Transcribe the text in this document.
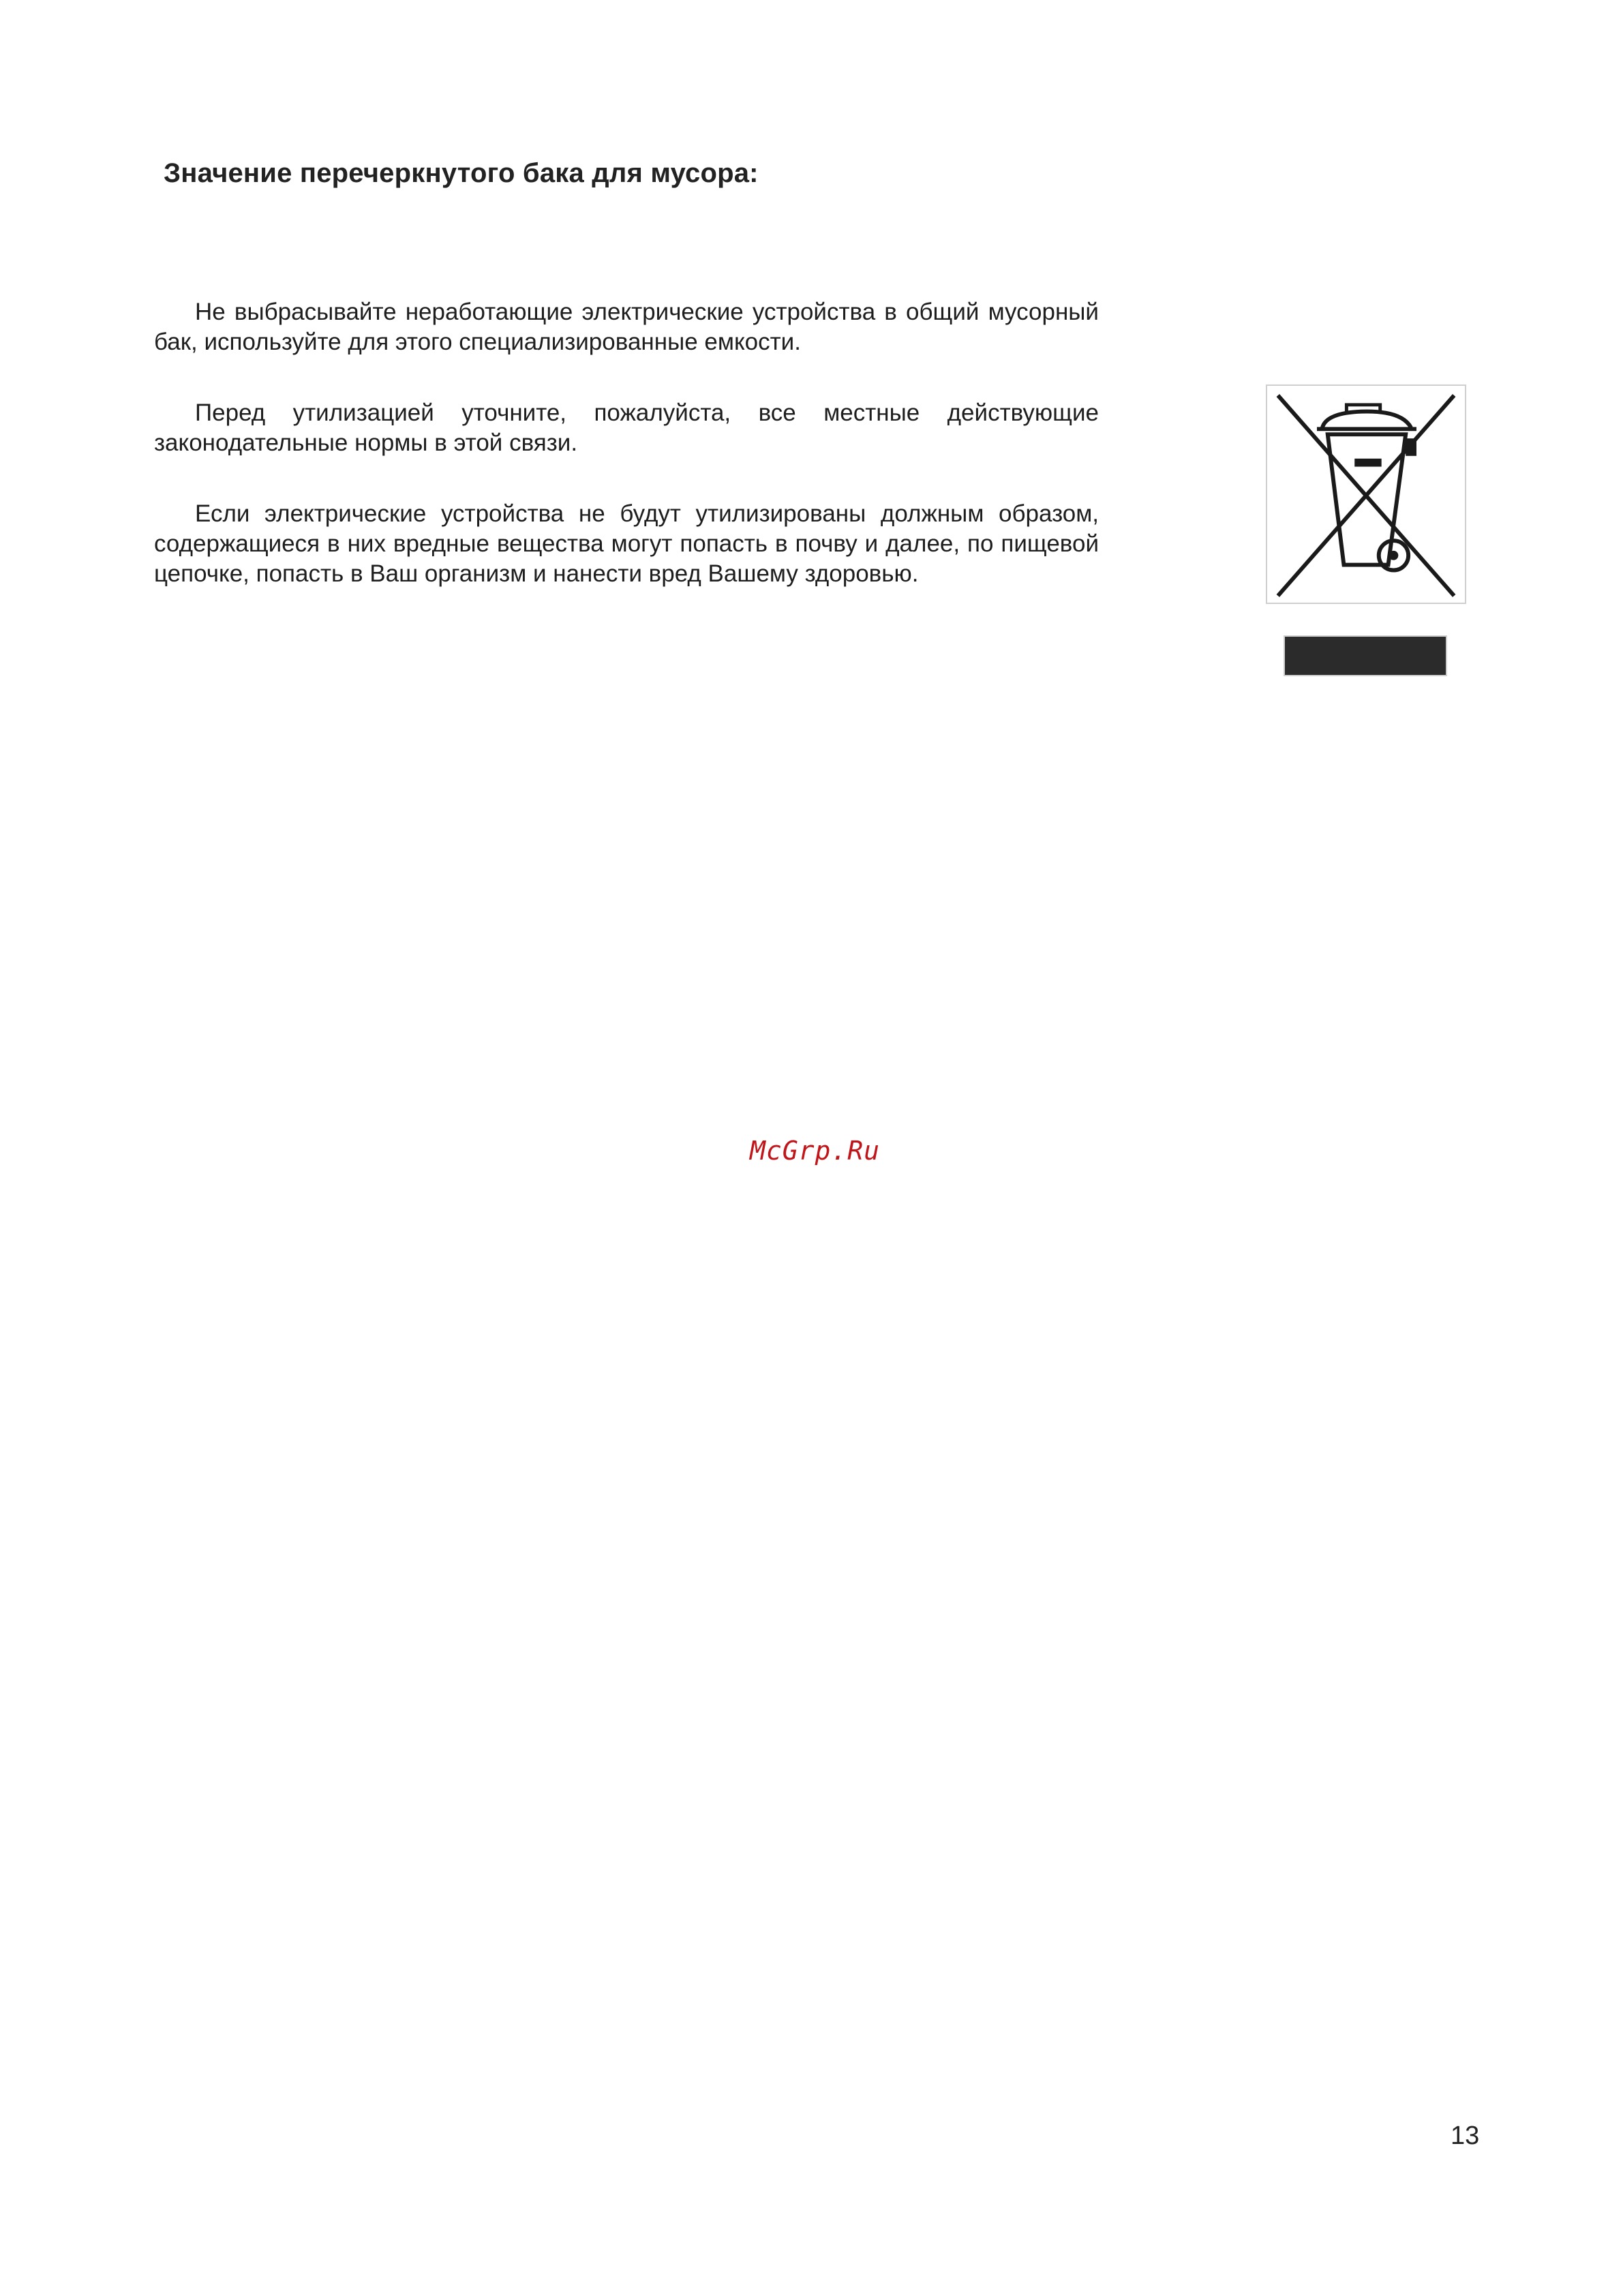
Значение перечеркнутого бака для мусора:

Не выбрасывайте неработающие электрические устройства в общий мусорный бак, используйте для этого специализированные емкости.

Перед утилизацией уточните, пожалуйста, все местные действующие законодательные нормы в этой связи.

Если электрические устройства не будут утилизированы должным образом, содержащиеся в них вредные вещества могут попасть в почву и далее, по пищевой цепочке, попасть в Ваш организм и нанести вред Вашему здоровью.

McGrp.Ru
13
